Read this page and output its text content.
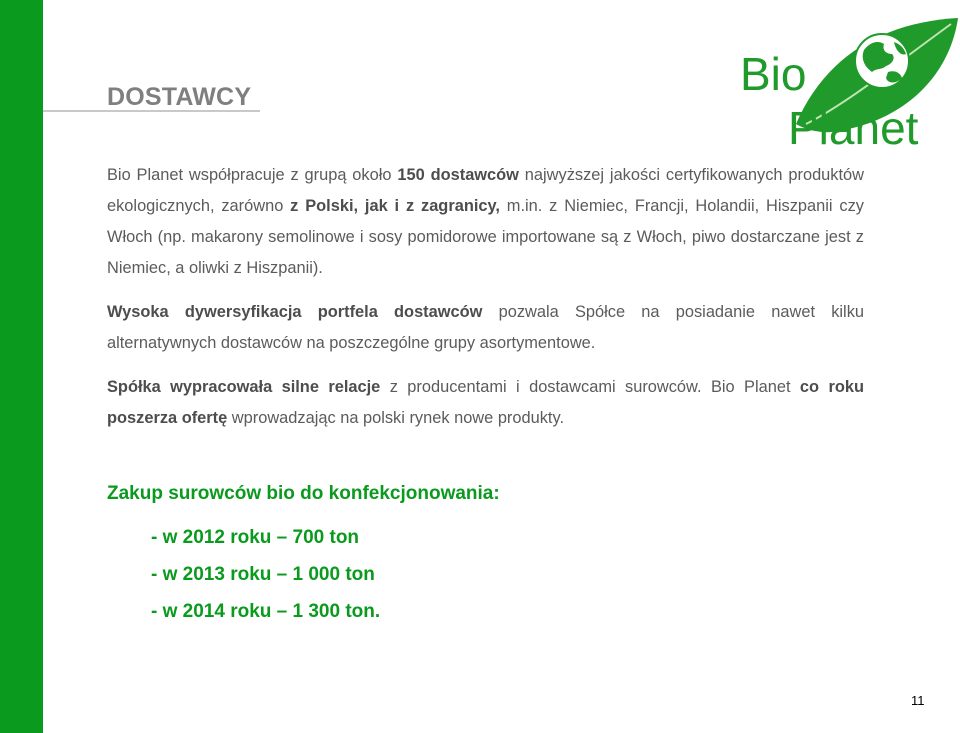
DOSTAWCY	Bio
Planet

Bio Planet współpracuje z grupą około 150 dostawców najwyższej jakości certyfikowanych produktów ekologicznych, zarówno z Polski, jak i z zagranicy, m.in. z Niemiec, Francji, Holandii, Hiszpanii czy Włoch (np. makarony semolinowe i sosy pomidorowe importowane są z Włoch, piwo dostarczane jest z Niemiec, a oliwki z Hiszpanii).

Wysoka dywersyfikacja portfela dostawców pozwala Spółce na posiadanie nawet kilku alternatywnych dostawców na poszczególne grupy asortymentowe.

Spółka wypracowała silne relacje z producentami i dostawcami surowców. Bio Planet co roku poszerza ofertę wprowadzając na polski rynek nowe produkty.

Zakup surowców bio do konfekcjonowania:

- w 2012 roku – 700 ton
- w 2013 roku – 1 000 ton
- w 2014 roku – 1 300 ton.
11
